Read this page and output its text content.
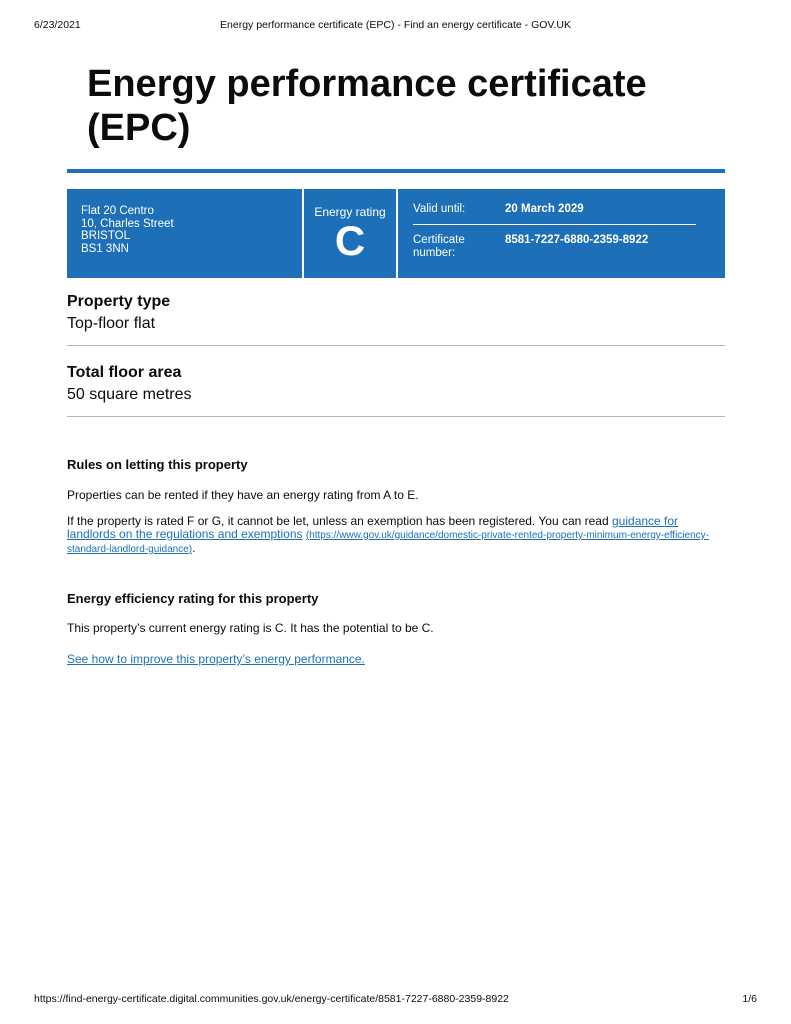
6/23/2021	Energy performance certificate (EPC) - Find an energy certificate - GOV.UK
Energy performance certificate (EPC)
Flat 20 Centro
10, Charles Street
BRISTOL
BS1 3NN
Energy rating
C
Valid until:	20 March 2029
Certificate
number:
8581-7227-6880-2359-8922
Property type
Top-floor flat
Total floor area
50 square metres
Rules on letting this property

Properties can be rented if they have an energy rating from A to E.

If the property is rated F or G, it cannot be let, unless an exemption has been registered. You can read guidance for landlords on the regulations and exemptions (https://www.gov.uk/guidance/domestic-private-rented-property-minimum-energy-efficiency-standard-landlord-guidance).

Energy efficiency rating for this property

This property’s current energy rating is C. It has the potential to be C.

See how to improve this property’s energy performance.

https://find-energy-certificate.digital.communities.gov.uk/energy-certificate/8581-7227-6880-2359-8922	1/6
